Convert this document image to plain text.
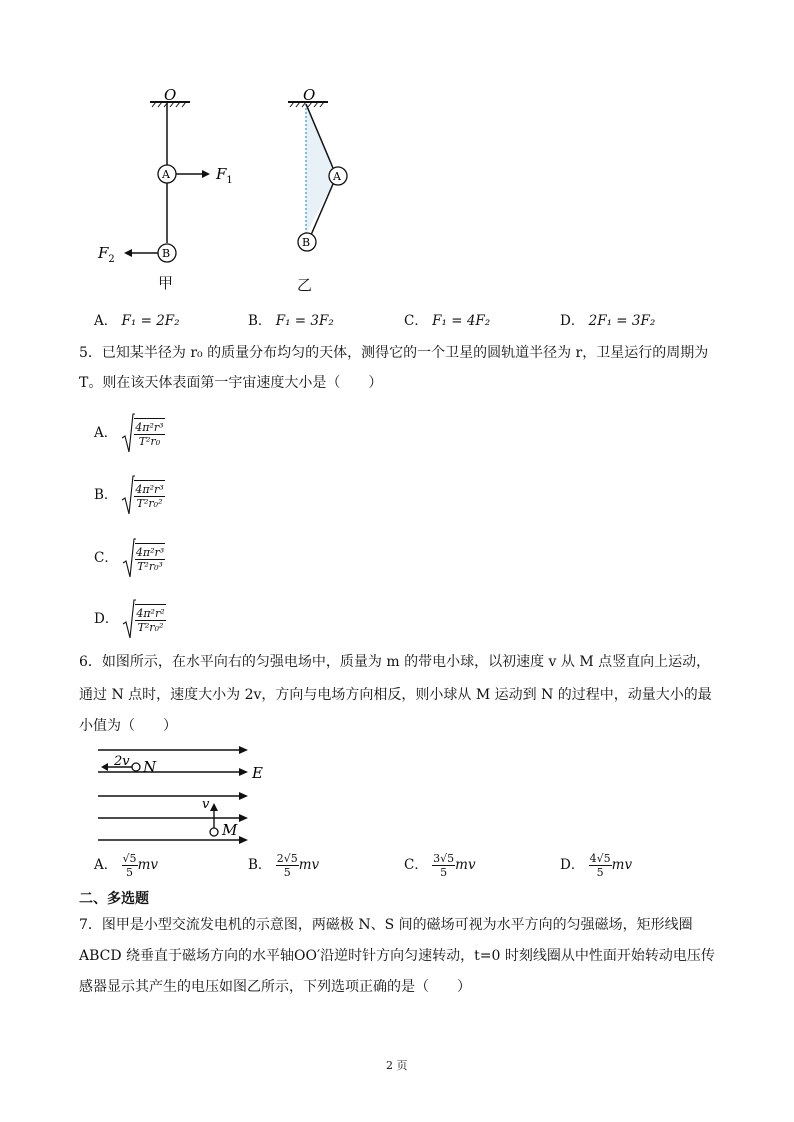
O
A
B
$F_1$
$F_2$
O
A
B
甲	乙
A． F₁ = 2F₂	B． F₁ = 3F₂	C． F₁ = 4F₂	D． 2F₁ = 3F₂
5．已知某半径为 r₀ 的质量分布均匀的天体，测得它的一个卫星的圆轨道半径为 r，卫星运行的周期为
T。则在该天体表面第一宇宙速度大小是（　　）
A． $\frac{\text{4π²r³}}{\text{T²r₀}}$
B． $\frac{\text{4π²r³}}{\text{T²r₀²}}$
C． $\frac{\text{4π²r³}}{\text{T²r₀³}}$
D． $\frac{\text{4π²r²}}{\text{T²r₀²}}$
6．如图所示，在水平向右的匀强电场中，质量为 m 的带电小球，以初速度 v 从 M 点竖直向上运动，
通过 N 点时，速度大小为 2v，方向与电场方向相反，则小球从 M 运动到 N 的过程中，动量大小的最
小值为（　　）
2v N	E
v
M
A． $\frac{√5}{5}$ mv	B． $\frac{2√5}{5}$ mv	C． $\frac{3√5}{5}$ mv	D． $\frac{4√5}{5}$ mv
二、多选题
7．图甲是小型交流发电机的示意图，两磁极 N、S 间的磁场可视为水平方向的匀强磁场，矩形线圈
ABCD 绕垂直于磁场方向的水平轴OO′沿逆时针方向匀速转动，t=0 时刻线圈从中性面开始转动电压传
感器显示其产生的电压如图乙所示，下列选项正确的是（　　）
2 页
